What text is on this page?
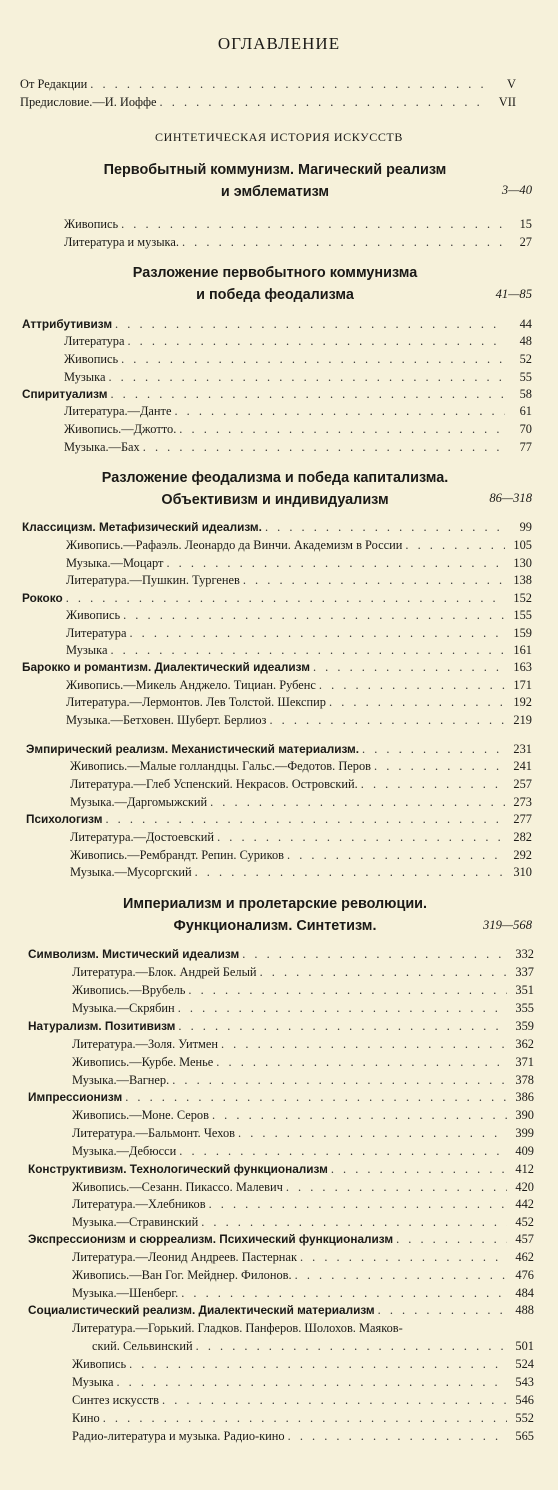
ОГЛАВЛЕНИЕ
От Редакции . . .	V
Предисловие.—И. Иоффе . . .	VII
СИНТЕТИЧЕСКАЯ ИСТОРИЯ ИСКУССТВ
Первобытный коммунизм. Магический реализм
и эмблематизм	3—40
Живопись . . .	15
Литература и музыка. . . .	27
Разложение первобытного коммунизма
и победа феодализма	41—85
Аттрибутивизм . . .	44
Литература . . .	48
Живопись . . .	52
Музыка . . .	55
Спиритуализм . . .	58
Литература.—Данте . . .	61
Живопись.—Джотто. . . .	70
Музыка.—Бах . . .	77
Разложение феодализма и победа капитализма.
Объективизм и индивидуализм	86—318
Классицизм. Метафизический идеализм. . . .	99
Живопись.—Рафаэль. Леонардо да Винчи. Академизм в России . . .	105
Музыка.—Моцарт . . .	130
Литература.—Пушкин. Тургенев . . .	138
Рококо . . .	152
Живопись . . .	155
Литература . . .	159
Музыка . . .	161
Барокко и романтизм. Диалектический идеализм . . .	163
Живопись.—Микель Анджело. Тициан. Рубенс . . .	171
Литература.—Лермонтов. Лев Толстой. Шекспир . . .	192
Музыка.—Бетховен. Шуберт. Берлиоз . . .	219
Эмпирический реализм. Механистический материализм. . . .	231
Живопись.—Малые голландцы. Гальс.—Федотов. Перов . . .	241
Литература.—Глеб Успенский. Некрасов. Островский. . . .	257
Музыка.—Даргомыжский . . .	273
Психологизм . . .	277
Литература.—Достоевский . . .	282
Живопись.—Рембрандт. Репин. Суриков . . .	292
Музыка.—Мусоргский . . .	310
Империализм и пролетарские революции.
Функционализм. Синтетизм.	319—568
Символизм. Мистический идеализм . . .	332
Литература.—Блок. Андрей Белый . . .	337
Живопись.—Врубель . . .	351
Музыка.—Скрябин . . .	355
Натурализм. Позитивизм . . .	359
Литература.—Золя. Уитмен . . .	362
Живопись.—Курбе. Менье . . .	371
Музыка.—Вагнер. . . .	378
Импрессионизм . . .	386
Живопись.—Моне. Серов . . .	390
Литература.—Бальмонт. Чехов . . .	399
Музыка.—Дебюсси . . .	409
Конструктивизм. Технологический функционализм . . .	412
Живопись.—Сезанн. Пикассо. Малевич . . .	420
Литература.—Хлебников . . .	442
Музыка.—Стравинский . . .	452
Экспрессионизм и сюрреализм. Психический функционализм . . .	457
Литература.—Леонид Андреев. Пастернак . . .	462
Живопись.—Ван Гог. Мейднер. Филонов. . . .	476
Музыка.—Шенберг. . . .	484
Социалистический реализм. Диалектический материализм . . .	488
Литература.—Горький. Гладков. Панферов. Шолохов. Маяков-
ский. Сельвинский . . .	501
Живопись . . .	524
Музыка . . .	543
Синтез искусств . . .	546
Кино . . .	552
Радио-литература и музыка. Радио-кино . . .	565
